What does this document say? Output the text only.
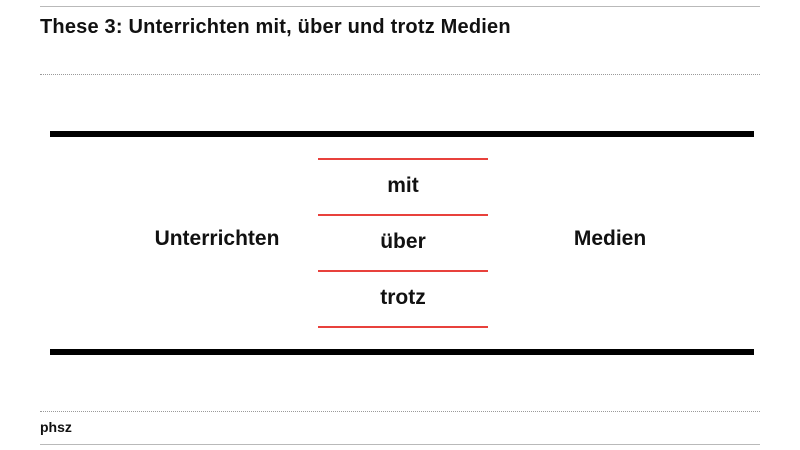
These 3: Unterrichten mit, über und trotz Medien
Unterrichten	Medien
mit
über
trotz
phsz
